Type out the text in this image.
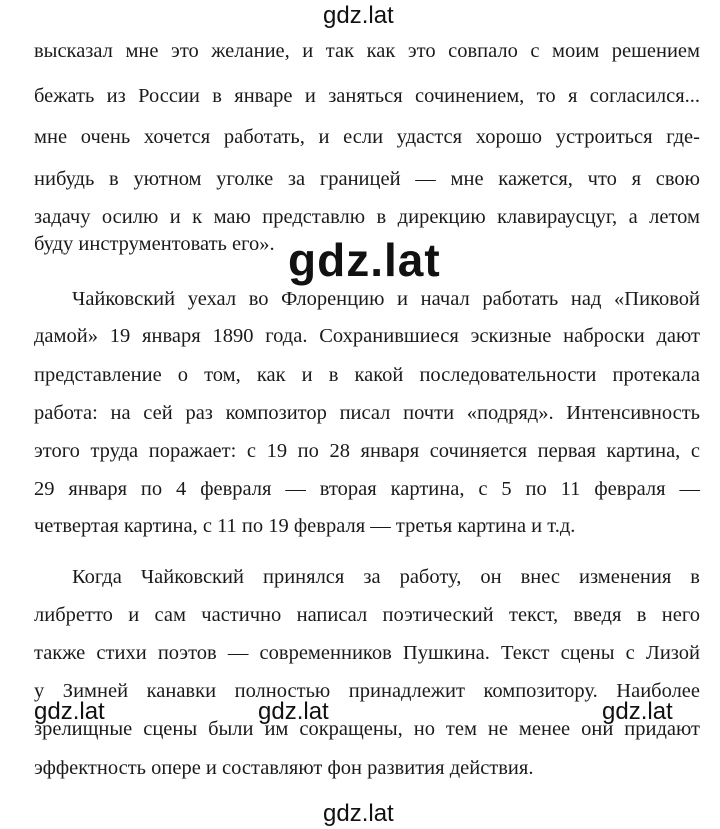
gdz.lat
gdz.lat
gdz.lat	gdz.lat	gdz.lat
gdz.lat
высказал мне это желание, и так как это совпало с моим решением
бежать из России в январе и заняться сочинением, то я согласился...
мне очень хочется работать, и если удастся хорошо устроиться где-
нибудь в уютном уголке за границей — мне кажется, что я свою
задачу осилю и к маю представлю в дирекцию клавираусцуг, а летом
буду инструментовать его».
Чайковский уехал во Флоренцию и начал работать над «Пиковой
дамой» 19 января 1890 года. Сохранившиеся эскизные наброски дают
представление о том, как и в какой последовательности протекала
работа: на сей раз композитор писал почти «подряд». Интенсивность
этого труда поражает: с 19 по 28 января сочиняется первая картина, с
29 января по 4 февраля — вторая картина, с 5 по 11 февраля —
четвертая картина, с 11 по 19 февраля — третья картина и т.д.
Когда Чайковский принялся за работу, он внес изменения в
либретто и сам частично написал поэтический текст, введя в него
также стихи поэтов — современников Пушкина. Текст сцены с Лизой
у Зимней канавки полностью принадлежит композитору. Наиболее
зрелищные сцены были им сокращены, но тем не менее они придают
эффектность опере и составляют фон развития действия.
